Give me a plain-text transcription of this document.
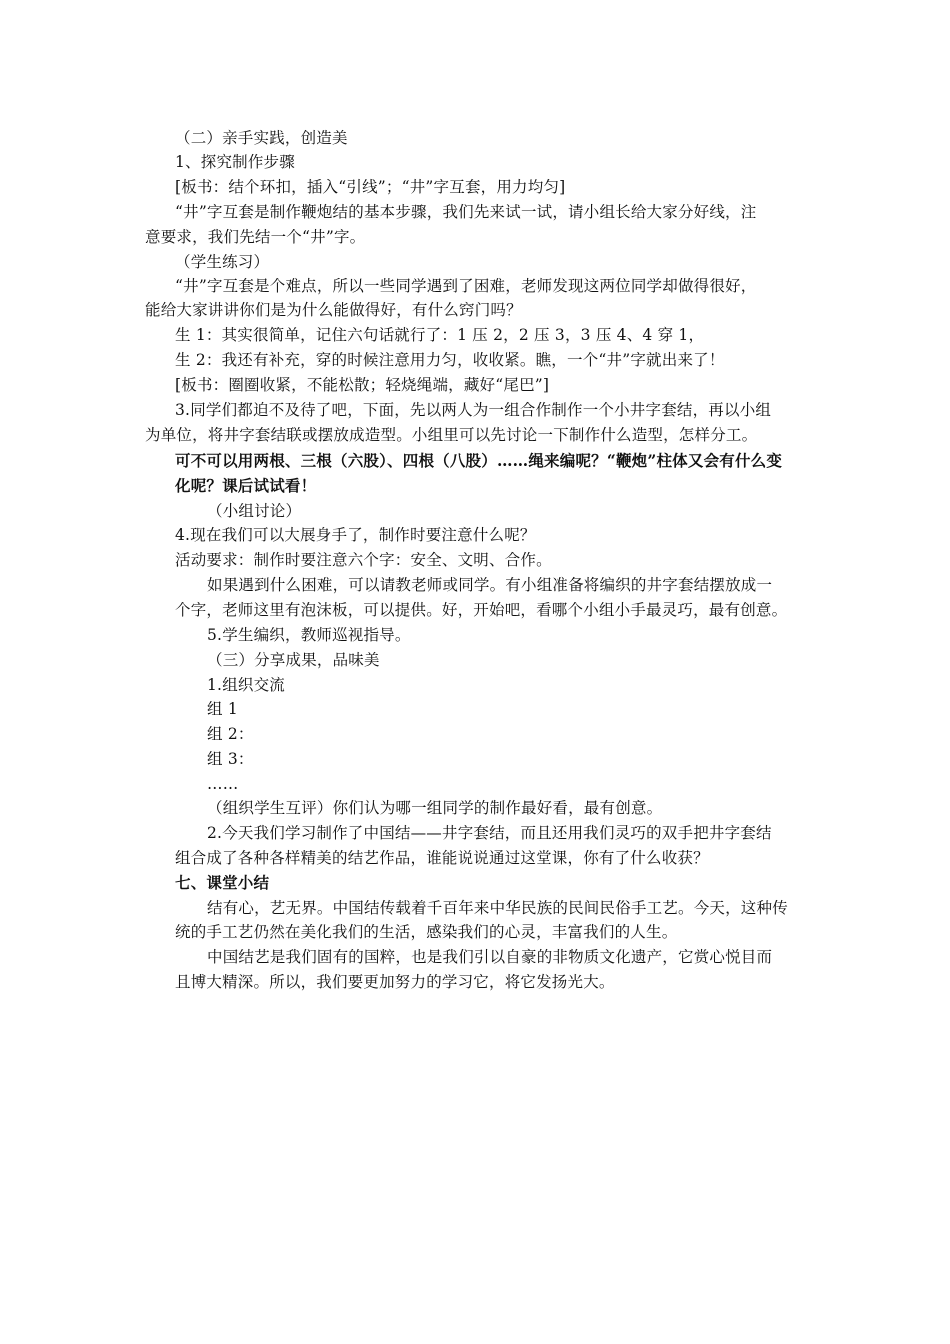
（二）亲手实践，创造美
1、探究制作步骤
[板书：结个环扣，插入“引线”；“井”字互套，用力均匀]
“井”字互套是制作鞭炮结的基本步骤，我们先来试一试，请小组长给大家分好线，注
意要求，我们先结一个“井”字。
（学生练习）
“井”字互套是个难点，所以一些同学遇到了困难，老师发现这两位同学却做得很好，
能给大家讲讲你们是为什么能做得好，有什么窍门吗？
生 1：其实很简单，记住六句话就行了：1 压 2，2 压 3，3 压 4、4 穿 1，
生 2：我还有补充，穿的时候注意用力匀，收收紧。瞧，一个“井”字就出来了！
[板书：圈圈收紧，不能松散；轻烧绳端，藏好“尾巴”]
3.同学们都迫不及待了吧，下面，先以两人为一组合作制作一个小井字套结，再以小组
为单位，将井字套结联或摆放成造型。小组里可以先讨论一下制作什么造型，怎样分工。
可不可以用两根、三根（六股）、四根（八股）……绳来编呢？“鞭炮”柱体又会有什么变
化呢？课后试试看！
（小组讨论）
4.现在我们可以大展身手了，制作时要注意什么呢？
活动要求：制作时要注意六个字：安全、文明、合作。
如果遇到什么困难，可以请教老师或同学。有小组准备将编织的井字套结摆放成一
个字，老师这里有泡沫板，可以提供。好，开始吧，看哪个小组小手最灵巧，最有创意。
5.学生编织，教师巡视指导。
（三）分享成果，品味美
1.组织交流
组 1
组 2：
组 3：
……
（组织学生互评）你们认为哪一组同学的制作最好看，最有创意。
2.今天我们学习制作了中国结——井字套结，而且还用我们灵巧的双手把井字套结
组合成了各种各样精美的结艺作品，谁能说说通过这堂课，你有了什么收获？
七、课堂小结
结有心，艺无界。中国结传载着千百年来中华民族的民间民俗手工艺。今天，这种传
统的手工艺仍然在美化我们的生活，感染我们的心灵，丰富我们的人生。
中国结艺是我们固有的国粹，也是我们引以自豪的非物质文化遗产，它赏心悦目而
且博大精深。所以，我们要更加努力的学习它，将它发扬光大。
